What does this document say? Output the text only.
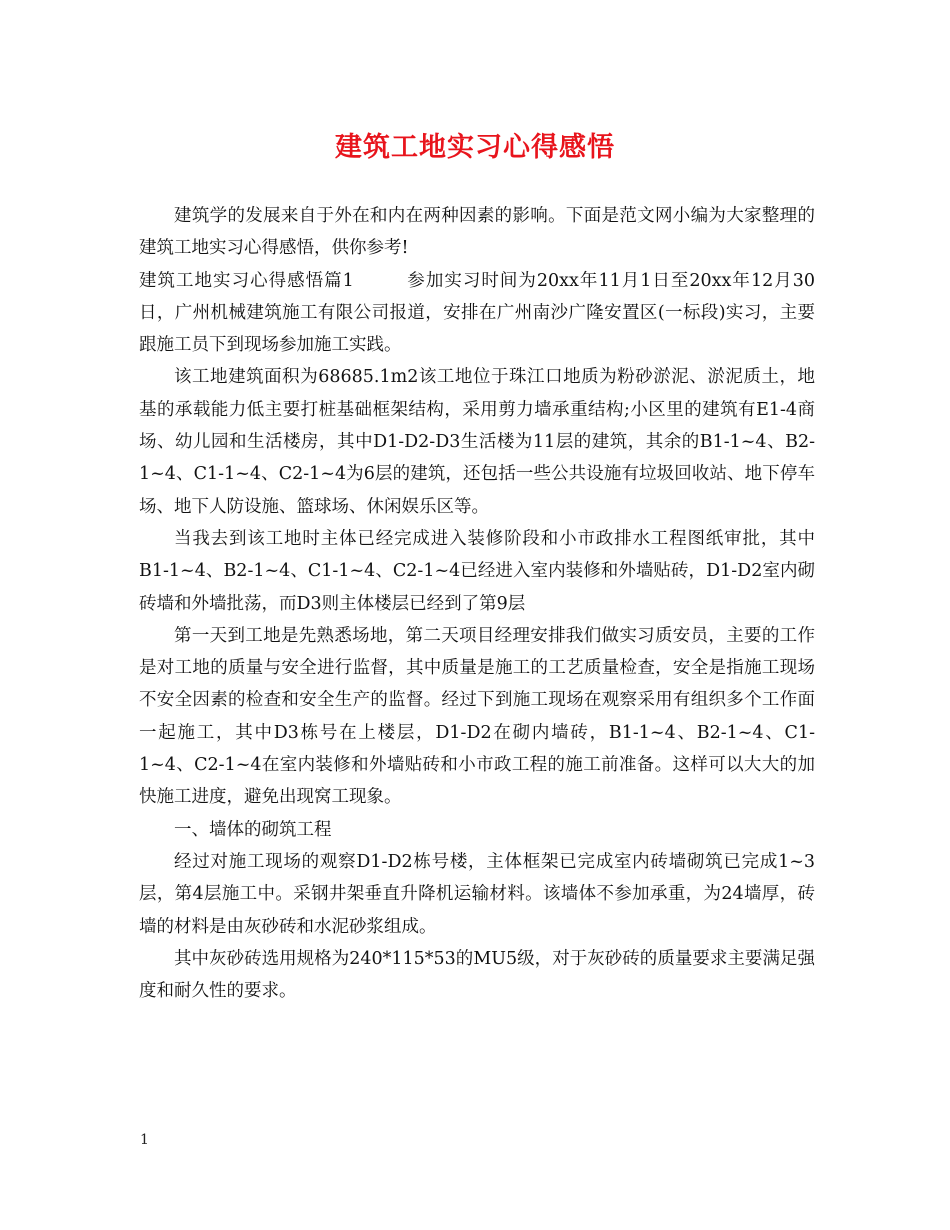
建筑工地实习心得感悟

建筑学的发展来自于外在和内在两种因素的影响。下面是范文网小编为大家整理的建筑工地实习心得感悟，供你参考!

建筑工地实习心得感悟篇1	参加实习时间为20xx年11月1日至20xx年12月30日，广州机械建筑施工有限公司报道，安排在广州南沙广隆安置区(一标段)实习，主要跟施工员下到现场参加施工实践。

该工地建筑面积为68685.1m2该工地位于珠江口地质为粉砂淤泥、淤泥质土，地基的承载能力低主要打桩基础框架结构，采用剪力墙承重结构;小区里的建筑有E1-4商场、幼儿园和生活楼房，其中D1-D2-D3生活楼为11层的建筑，其余的B1-1~4、B2-1~4、C1-1~4、C2-1~4为6层的建筑，还包括一些公共设施有垃圾回收站、地下停车场、地下人防设施、篮球场、休闲娱乐区等。

当我去到该工地时主体已经完成进入装修阶段和小市政排水工程图纸审批，其中B1-1~4、B2-1~4、C1-1~4、C2-1~4已经进入室内装修和外墙贴砖，D1-D2室内砌砖墙和外墙批荡，而D3则主体楼层已经到了第9层

第一天到工地是先熟悉场地，第二天项目经理安排我们做实习质安员，主要的工作是对工地的质量与安全进行监督，其中质量是施工的工艺质量检查，安全是指施工现场不安全因素的检查和安全生产的监督。经过下到施工现场在观察采用有组织多个工作面一起施工，其中D3栋号在上楼层，D1-D2在砌内墙砖，B1-1~4、B2-1~4、C1-1~4、C2-1~4在室内装修和外墙贴砖和小市政工程的施工前准备。这样可以大大的加快施工进度，避免出现窝工现象。

一、墙体的砌筑工程

经过对施工现场的观察D1-D2栋号楼，主体框架已完成室内砖墙砌筑已完成1~3层，第4层施工中。采钢井架垂直升降机运输材料。该墙体不参加承重，为24墙厚，砖墙的材料是由灰砂砖和水泥砂浆组成。

其中灰砂砖选用规格为240*115*53的MU5级，对于灰砂砖的质量要求主要满足强度和耐久性的要求。

1
